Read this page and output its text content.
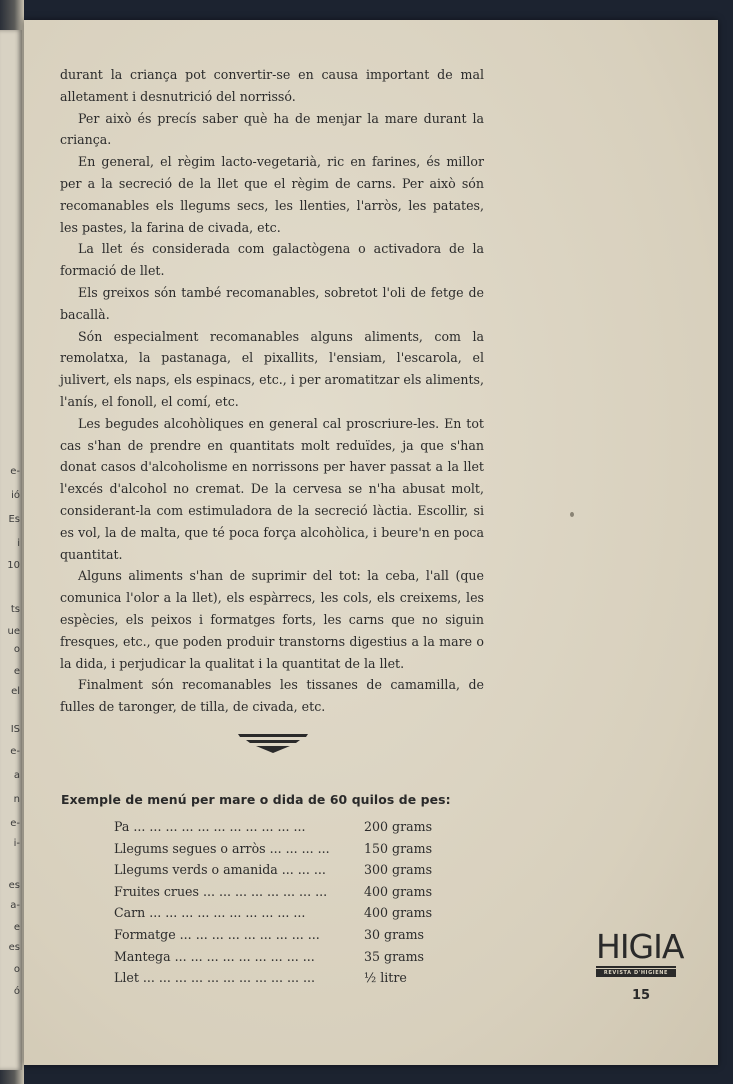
e-
ió
Es
i
10
ts
ue
o
e
el
IS
e-
a
n
e-
i-
es
a-
e
es
o
ó

durant la criança pot convertir-se en causa important de mal alletament i desnutrició del norrissó.

Per això és precís saber què ha de menjar la mare durant la criança.

En general, el règim lacto-vegetarià, ric en farines, és millor per a la secreció de la llet que el règim de carns. Per això són recomanables els llegums secs, les llenties, l'arròs, les patates, les pastes, la farina de civada, etc.

La llet és considerada com galactògena o activadora de la formació de llet.

Els greixos són també recomanables, sobretot l'oli de fetge de bacallà.

Són especialment recomanables alguns aliments, com la remolatxa, la pastanaga, el pixallits, l'ensiam, l'escarola, el julivert, els naps, els espinacs, etc., i per aromatitzar els aliments, l'anís, el fonoll, el comí, etc.

Les begudes alcohòliques en general cal proscriure-les. En tot cas s'han de prendre en quantitats molt reduïdes, ja que s'han donat casos d'alcoholisme en norrissons per haver passat a la llet l'excés d'alcohol no cremat. De la cervesa se n'ha abusat molt, considerant-la com estimuladora de la secreció làctia. Escollir, si es vol, la de malta, que té poca força alcohòlica, i beure'n en poca quantitat.

Alguns aliments s'han de suprimir del tot: la ceba, l'all (que comunica l'olor a la llet), els espàrrecs, les cols, els creixems, les espècies, els peixos i formatges forts, les carns que no siguin fresques, etc., que poden produir transtorns digestius a la mare o la dida, i perjudicar la qualitat i la quantitat de la llet.

Finalment són recomanables les tissanes de camamilla, de fulles de taronger, de tilla, de civada, etc.

Exemple de menú per mare o dida de 60 quilos de pes:
Pa ... ... ... ... ... ... ... ... ... ... ...	200 grams
Llegums segues o arròs ... ... ... ...	150 grams
Llegums verds o amanida ... ... ...	300 grams
Fruites crues ... ... ... ... ... ... ... ...	400 grams
Carn ... ... ... ... ... ... ... ... ... ...	400 grams
Formatge ... ... ... ... ... ... ... ... ...	30 grams
Mantega ... ... ... ... ... ... ... ... ...	35 grams
Llet ... ... ... ... ... ... ... ... ... ... ...	½ litre
HIGIA
REVISTA D'HIGIENE
15
